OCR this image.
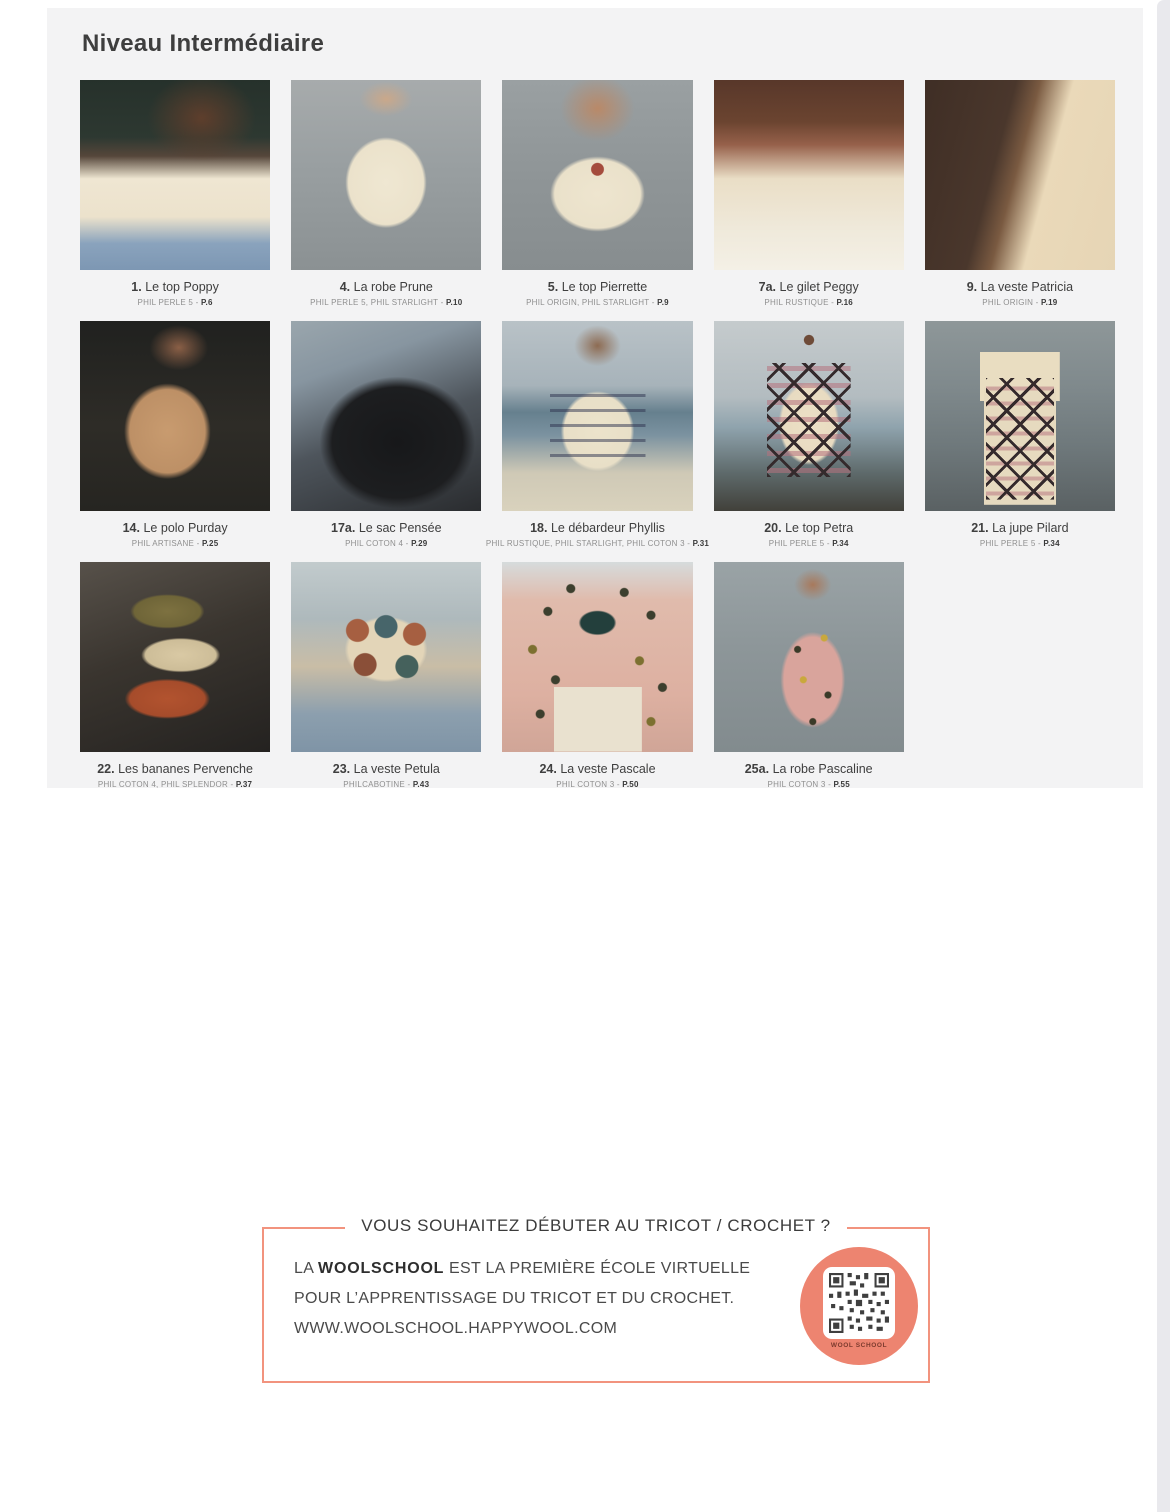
Niveau Intermédiaire
1. Le top Poppy
PHIL PERLE 5 - P.6
4. La robe Prune
PHIL PERLE 5, PHIL STARLIGHT - P.10
5. Le top Pierrette
PHIL ORIGIN, PHIL STARLIGHT - P.9
7a. Le gilet Peggy
PHIL RUSTIQUE - P.16
9. La veste Patricia
PHIL ORIGIN - P.19
14. Le polo Purday
PHIL ARTISANE - P.25
17a. Le sac Pensée
PHIL COTON 4 - P.29
18. Le débardeur Phyllis
PHIL RUSTIQUE, PHIL STARLIGHT, PHIL COTON 3 - P.31
20. Le top Petra
PHIL PERLE 5 - P.34
21. La jupe Pilard
PHIL PERLE 5 - P.34
22. Les bananes Pervenche
PHIL COTON 4, PHIL SPLENDOR - P.37
23. La veste Petula
PHILCABOTINE - P.43
24. La veste Pascale
PHIL COTON 3 - P.50
25a. La robe Pascaline
PHIL COTON 3 - P.55
VOUS SOUHAITEZ DÉBUTER AU TRICOT / CROCHET ?

LA WOOLSCHOOL EST LA PREMIÈRE ÉCOLE VIRTUELLE
POUR L’APPRENTISSAGE DU TRICOT ET DU CROCHET.
WWW.WOOLSCHOOL.HAPPYWOOL.COM

WOOL SCHOOL
